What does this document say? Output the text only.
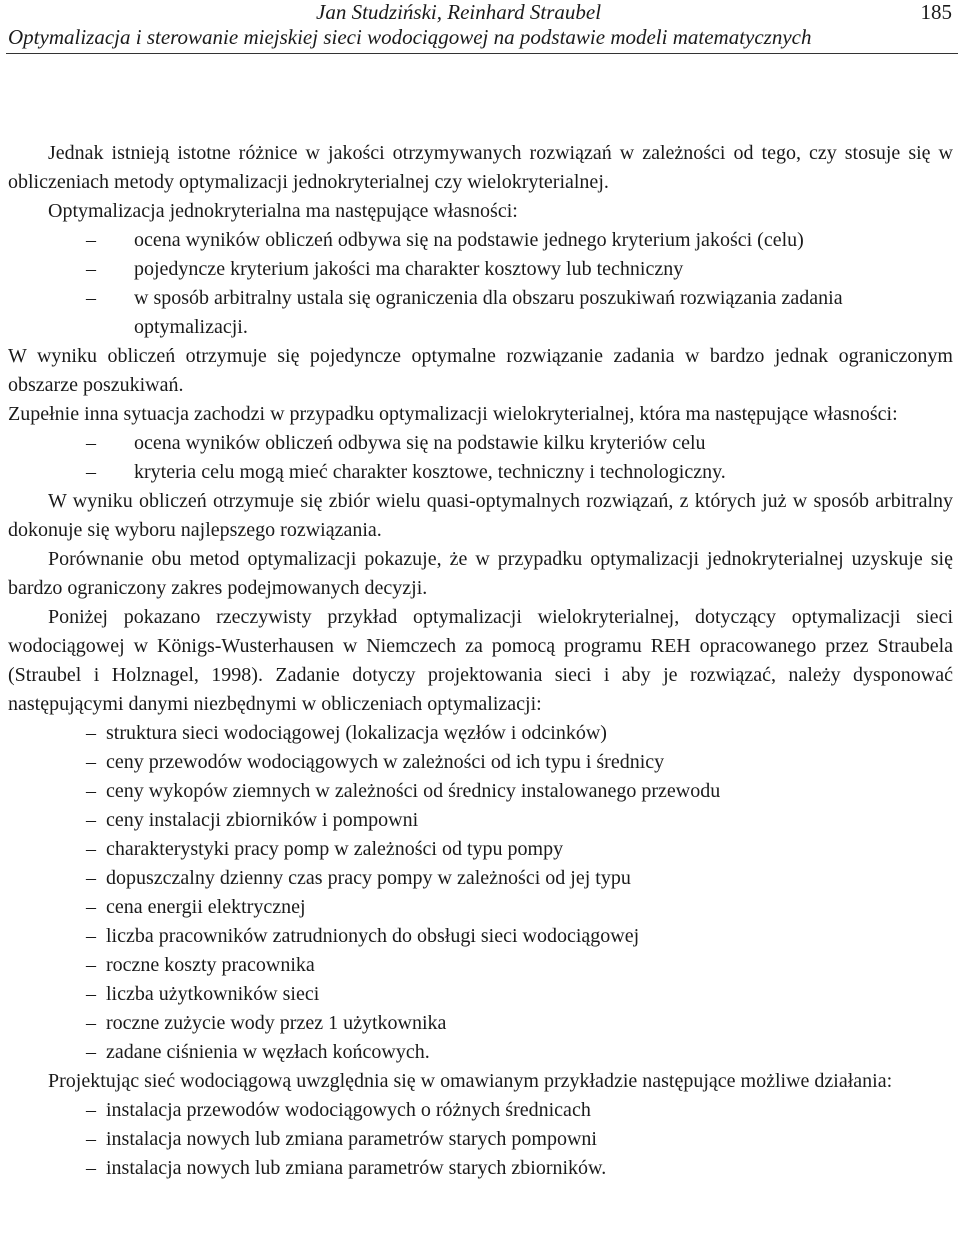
Jan Studziński, Reinhard Straubel	185
Optymalizacja i sterowanie miejskiej sieci wodociągowej na podstawie modeli matematycznych

Jednak istnieją istotne różnice w jakości otrzymywanych rozwiązań w zależności od tego, czy stosuje się w obliczeniach metody optymalizacji jednokryterialnej czy wielokryterialnej.

Optymalizacja jednokryterialna ma następujące własności:

– ocena wyników obliczeń odbywa się na podstawie jednego kryterium jakości (celu)
– pojedyncze kryterium jakości ma charakter kosztowy lub techniczny
– w sposób arbitralny ustala się ograniczenia dla obszaru poszukiwań rozwiązania zadania optymalizacji.

W wyniku obliczeń otrzymuje się pojedyncze optymalne rozwiązanie zadania w bardzo jednak ograniczonym obszarze poszukiwań.

Zupełnie inna sytuacja zachodzi w przypadku optymalizacji wielokryterialnej, która ma następujące własności:

– ocena wyników obliczeń odbywa się na podstawie kilku kryteriów celu
– kryteria celu mogą mieć charakter kosztowe, techniczny i technologiczny.

W wyniku obliczeń otrzymuje się zbiór wielu quasi-optymalnych rozwiązań, z których już w sposób arbitralny dokonuje się wyboru najlepszego rozwiązania.

Porównanie obu metod optymalizacji pokazuje, że w przypadku optymalizacji jednokryterialnej uzyskuje się bardzo ograniczony zakres podejmowanych decyzji.

Poniżej pokazano rzeczywisty przykład optymalizacji wielokryterialnej, dotyczący optymalizacji sieci wodociągowej w Königs-Wusterhausen w Niemczech za pomocą programu REH opracowanego przez Straubela (Straubel i Holznagel, 1998). Zadanie dotyczy projektowania sieci i aby je rozwiązać, należy dysponować następującymi danymi niezbędnymi w obliczeniach optymalizacji:

– struktura sieci wodociągowej (lokalizacja węzłów i odcinków)
– ceny przewodów wodociągowych w zależności od ich typu i średnicy
– ceny wykopów ziemnych w zależności od średnicy instalowanego przewodu
– ceny instalacji zbiorników i pompowni
– charakterystyki pracy pomp w zależności od typu pompy
– dopuszczalny dzienny czas pracy pompy w zależności od jej typu
– cena energii elektrycznej
– liczba pracowników zatrudnionych do obsługi sieci wodociągowej
– roczne koszty pracownika
– liczba użytkowników sieci
– roczne zużycie wody przez 1 użytkownika
– zadane ciśnienia w węzłach końcowych.

Projektując sieć wodociągową uwzględnia się w omawianym przykładzie następujące możliwe działania:

– instalacja przewodów wodociągowych o różnych średnicach
– instalacja nowych lub zmiana parametrów starych pompowni
– instalacja nowych lub zmiana parametrów starych zbiorników.
